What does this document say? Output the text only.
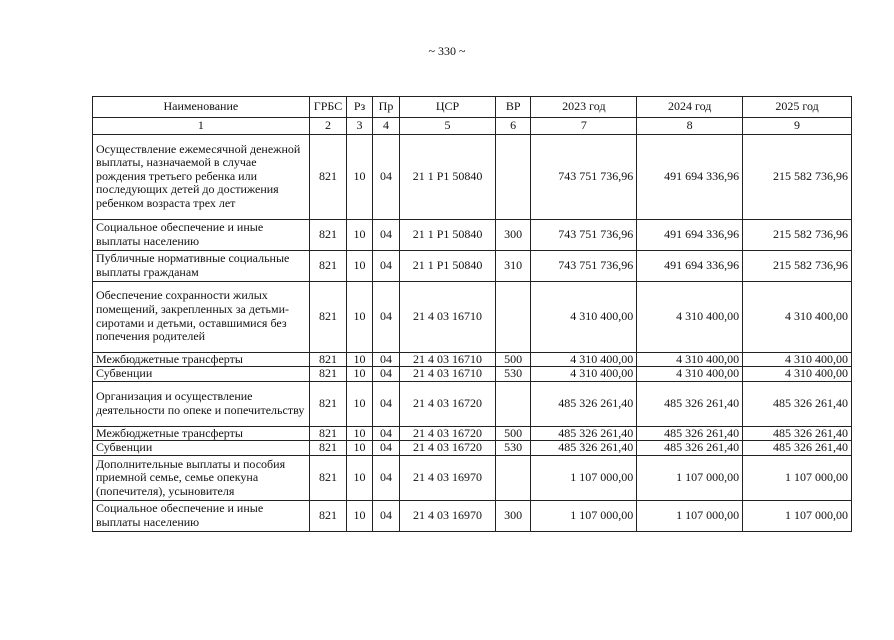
~ 330 ~
Наименование	ГРБС	Рз	Пр	ЦСР	ВР	2023 год	2024 год	2025 год
1	2	3	4	5	6	7	8	9
Осуществление ежемесячной денежной выплаты, назначаемой в случае рождения третьего ребенка или последующих детей до достижения ребенком возраста трех лет	821	10	04	21 1 Р1 50840		743 751 736,96	491 694 336,96	215 582 736,96
Социальное обеспечение и иные выплаты населению	821	10	04	21 1 Р1 50840	300	743 751 736,96	491 694 336,96	215 582 736,96
Публичные нормативные социальные выплаты гражданам	821	10	04	21 1 Р1 50840	310	743 751 736,96	491 694 336,96	215 582 736,96
Обеспечение сохранности жилых помещений, закрепленных за детьми-сиротами и детьми, оставшимися без попечения родителей	821	10	04	21 4 03 16710		4 310 400,00	4 310 400,00	4 310 400,00
Межбюджетные трансферты	821	10	04	21 4 03 16710	500	4 310 400,00	4 310 400,00	4 310 400,00
Субвенции	821	10	04	21 4 03 16710	530	4 310 400,00	4 310 400,00	4 310 400,00
Организация и осуществление деятельности по опеке и попечительству	821	10	04	21 4 03 16720		485 326 261,40	485 326 261,40	485 326 261,40
Межбюджетные трансферты	821	10	04	21 4 03 16720	500	485 326 261,40	485 326 261,40	485 326 261,40
Субвенции	821	10	04	21 4 03 16720	530	485 326 261,40	485 326 261,40	485 326 261,40
Дополнительные выплаты и пособия приемной семье, семье опекуна (попечителя), усыновителя	821	10	04	21 4 03 16970		1 107 000,00	1 107 000,00	1 107 000,00
Социальное обеспечение и иные выплаты населению	821	10	04	21 4 03 16970	300	1 107 000,00	1 107 000,00	1 107 000,00
